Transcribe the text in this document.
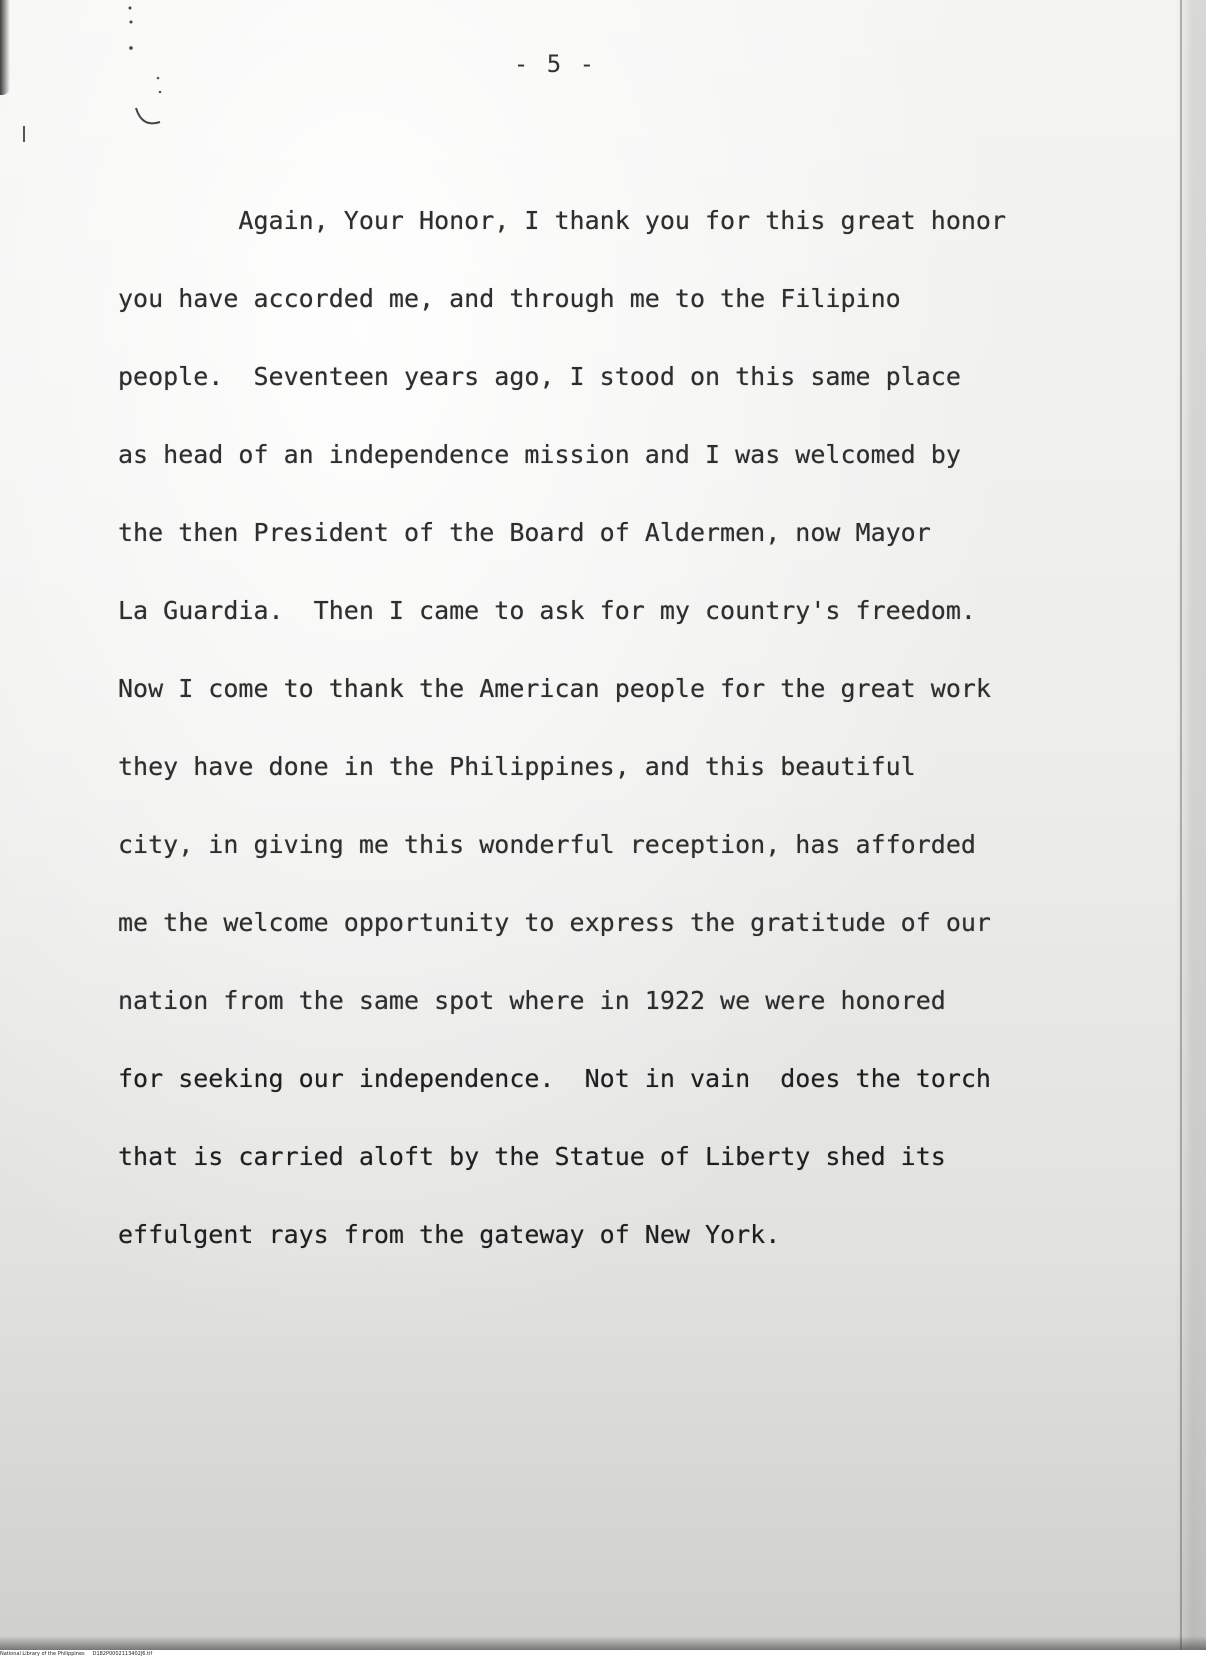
- 5 -
Again, Your Honor, I thank you for this great honor
you have accorded me, and through me to the Filipino
people.  Seventeen years ago, I stood on this same place
as head of an independence mission and I was welcomed by
the then President of the Board of Aldermen, now Mayor
La Guardia.  Then I came to ask for my country's freedom.
Now I come to thank the American people for the great work
they have done in the Philippines, and this beautiful
city, in giving me this wonderful reception, has afforded
me the welcome opportunity to express the gratitude of our
nation from the same spot where in 1922 we were honored
for seeking our independence.  Not in vain  does the torch
that is carried aloft by the Statue of Liberty shed its
effulgent rays from the gateway of New York.
National Library of the Philippines D182P0002113402J6.tif
